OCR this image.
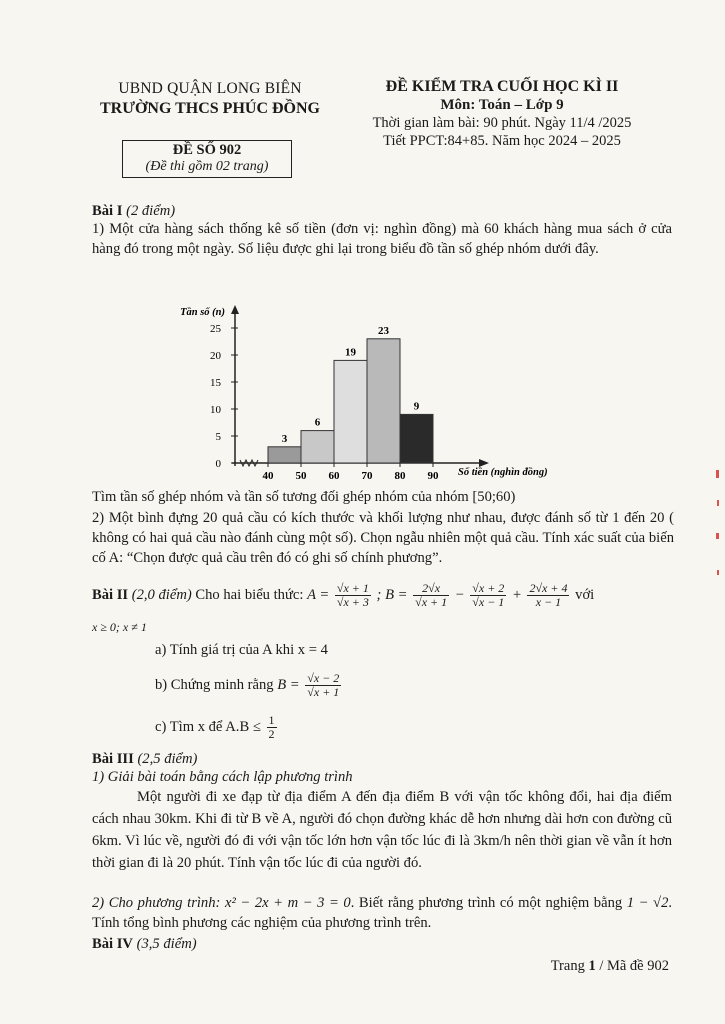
UBND QUẬN LONG BIÊN
TRƯỜNG THCS PHÚC ĐỒNG
ĐỀ SỐ 902
(Đề thi gồm 02 trang)
ĐỀ KIỂM TRA CUỐI HỌC KÌ II
Môn: Toán – Lớp 9
Thời gian làm bài: 90 phút. Ngày 11/4 /2025
Tiết PPCT:84+85. Năm học 2024 – 2025
Bài I (2 điểm)
1) Một cửa hàng sách thống kê số tiền (đơn vị: nghìn đồng) mà 60 khách hàng mua sách ở cửa hàng đó trong một ngày. Số liệu được ghi lại trong biểu đồ tần số ghép nhóm dưới đây.
0
5
10
15
20
25
3
6
19
23
9
40 50 60 70 80 90
Tần số (n)
Số tiền (nghìn đồng)
Tìm tần số ghép nhóm và tần số tương đối ghép nhóm của nhóm [50;60)
2) Một bình đựng 20 quả cầu có kích thước và khối lượng như nhau, được đánh số từ 1 đến 20 ( không có hai quả cầu nào đánh cùng một số). Chọn ngẫu nhiên một quả cầu. Tính xác suất của biến cố A: “Chọn được quả cầu trên đó có ghi số chính phương”.
Bài II (2,0 điểm) Cho hai biểu thức: $A = \frac{√x + 1}{√x + 3}$ ; $B = \frac{2√x}{√x + 1} - \frac{√x + 2}{√x - 1} + \frac{2√x + 4}{x - 1}$ với
x ≥ 0; x ≠ 1
a) Tính giá trị của A khi x = 4
b) Chứng minh rằng $B = \frac{√x - 2}{√x + 1}$
c) Tìm x để $A.B \le \frac{1}{2}$
Bài III (2,5 điểm)
1) Giải bài toán bằng cách lập phương trình
Một người đi xe đạp từ địa điểm A đến địa điểm B với vận tốc không đổi, hai địa điểm cách nhau 30km. Khi đi từ B về A, người đó chọn đường khác dễ hơn nhưng dài hơn con đường cũ 6km. Vì lúc về, người đó đi với vận tốc lớn hơn vận tốc lúc đi là 3km/h nên thời gian về vẫn ít hơn thời gian đi là 20 phút. Tính vận tốc lúc đi của người đó.
2) Cho phương trình: x² − 2x + m − 3 = 0. Biết rằng phương trình có một nghiệm bằng 1 − √2. Tính tổng bình phương các nghiệm của phương trình trên.
Bài IV (3,5 điểm)
Trang 1 / Mã đề 902
